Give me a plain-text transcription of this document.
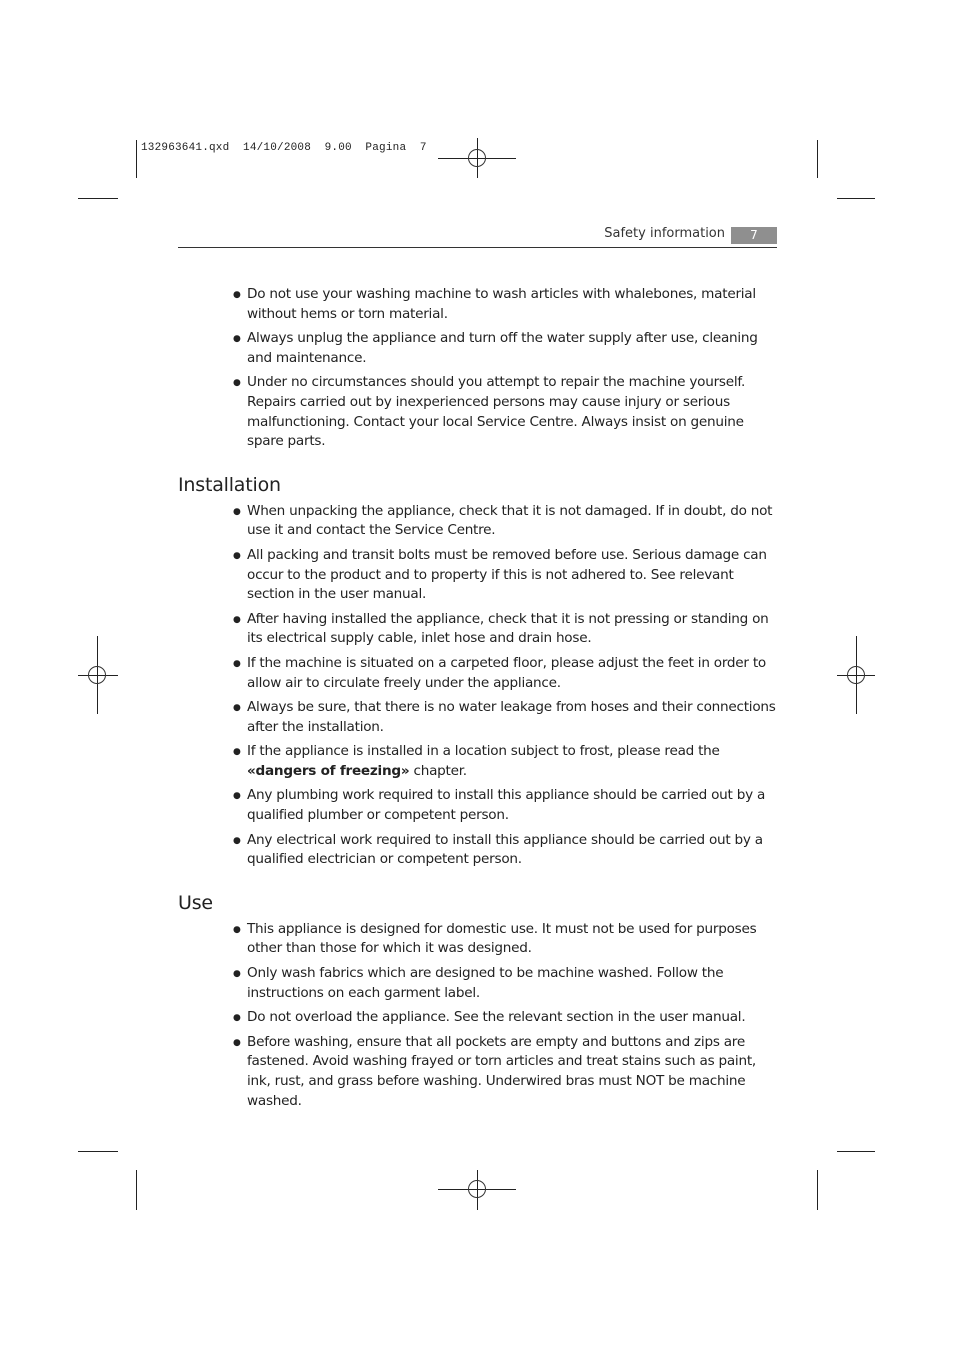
132963641.qxd  14/10/2008  9.00  Pagina  7
Safety information	7
● Do not use your washing machine to wash articles with whalebones, material without hems or torn material.
● Always unplug the appliance and turn off the water supply after use, cleaning and maintenance.
● Under no circumstances should you attempt to repair the machine yourself. Repairs carried out by inexperienced persons may cause injury or serious malfunctioning. Contact your local Service Centre. Always insist on genuine spare parts.
Installation
● When unpacking the appliance, check that it is not damaged. If in doubt, do not use it and contact the Service Centre.
● All packing and transit bolts must be removed before use. Serious damage can occur to the product and to property if this is not adhered to. See relevant section in the user manual.
● After having installed the appliance, check that it is not pressing or standing on its electrical supply cable, inlet hose and drain hose.
● If the machine is situated on a carpeted floor, please adjust the feet in order to allow air to circulate freely under the appliance.
● Always be sure, that there is no water leakage from hoses and their connections after the installation.
● If the appliance is installed in a location subject to frost, please read the «dangers of freezing» chapter.
● Any plumbing work required to install this appliance should be carried out by a qualified plumber or competent person.
● Any electrical work required to install this appliance should be carried out by a qualified electrician or competent person.
Use
● This appliance is designed for domestic use. It must not be used for purposes other than those for which it was designed.
● Only wash fabrics which are designed to be machine washed. Follow the instructions on each garment label.
● Do not overload the appliance. See the relevant section in the user manual.
● Before washing, ensure that all pockets are empty and buttons and zips are fastened. Avoid washing frayed or torn articles and treat stains such as paint, ink, rust, and grass before washing. Underwired bras must NOT be machine washed.
